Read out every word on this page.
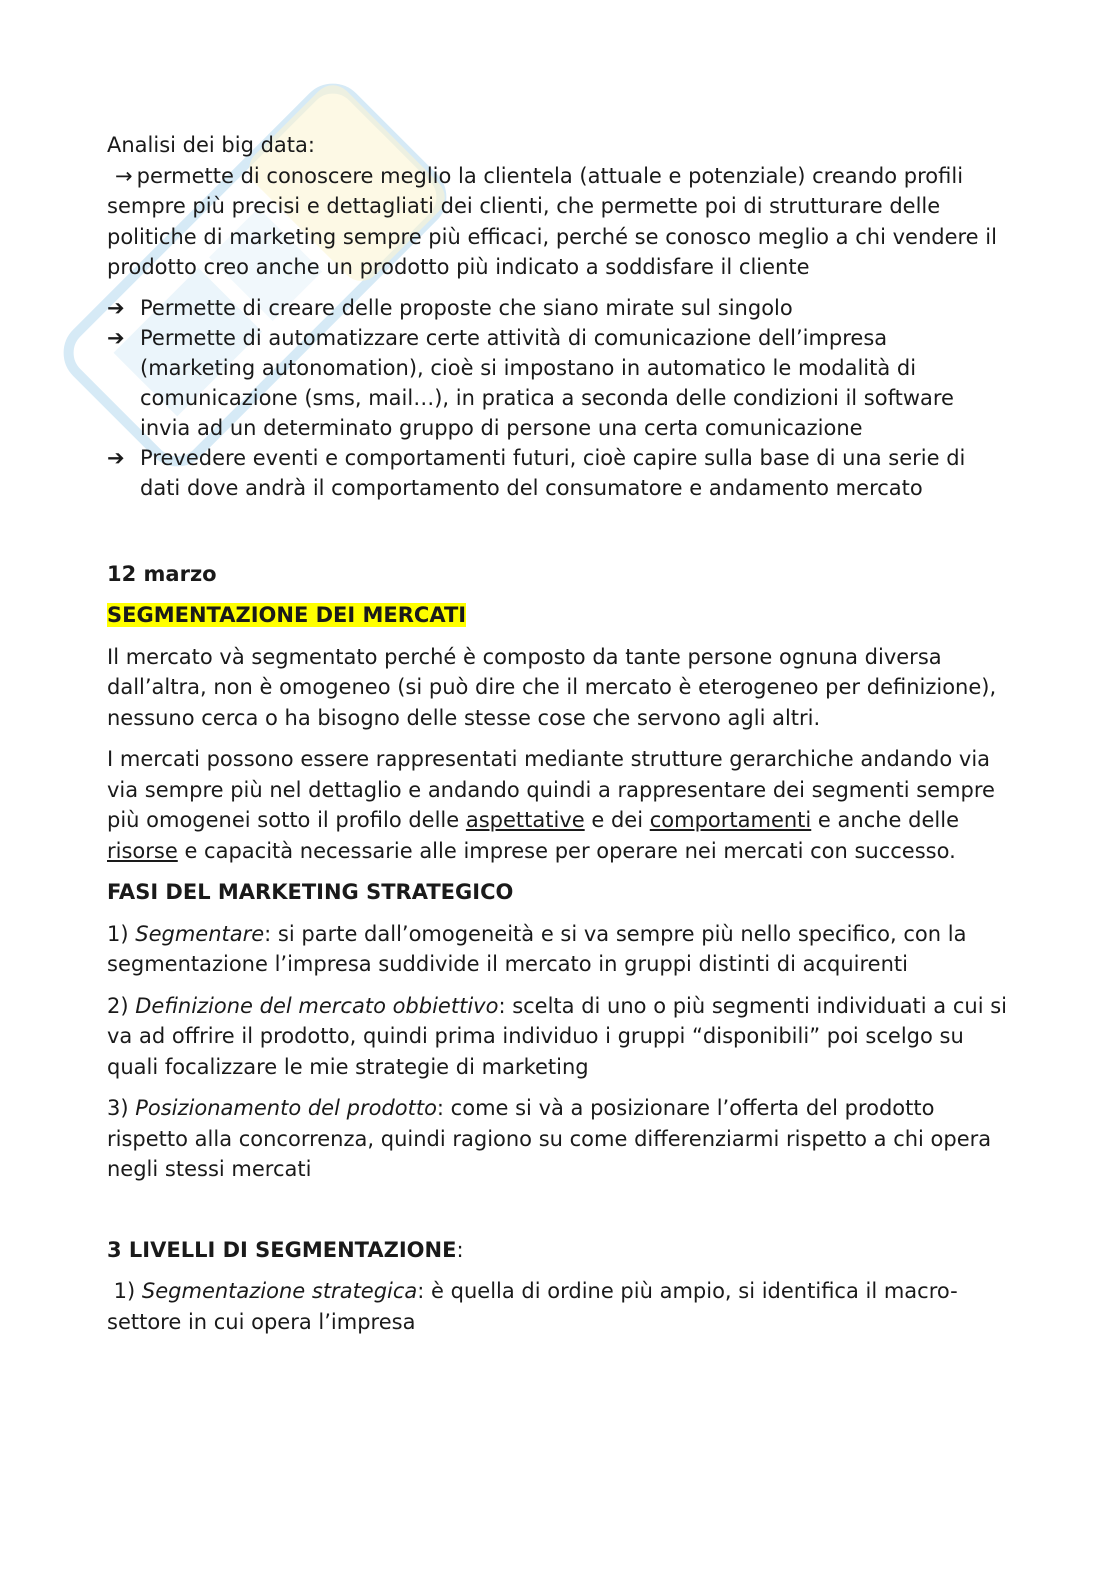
Analisi dei big data:

→ permette di conoscere meglio la clientela (attuale e potenziale) creando profili sempre più precisi e dettagliati dei clienti, che permette poi di strutturare delle politiche di marketing sempre più efficaci, perché se conosco meglio a chi vendere il prodotto creo anche un prodotto più indicato a soddisfare il cliente

➔ Permette di creare delle proposte che siano mirate sul singolo
➔ Permette di automatizzare certe attività di comunicazione dell’impresa (marketing autonomation), cioè si impostano in automatico le modalità di comunicazione (sms, mail…), in pratica a seconda delle condizioni il software invia ad un determinato gruppo di persone una certa comunicazione
➔ Prevedere eventi e comportamenti futuri, cioè capire sulla base di una serie di dati dove andrà il comportamento del consumatore e andamento mercato

12 marzo

SEGMENTAZIONE DEI MERCATI

Il mercato và segmentato perché è composto da tante persone ognuna diversa dall’altra, non è omogeneo (si può dire che il mercato è eterogeneo per definizione), nessuno cerca o ha bisogno delle stesse cose che servono agli altri.

I mercati possono essere rappresentati mediante strutture gerarchiche andando via via sempre più nel dettaglio e andando quindi a rappresentare dei segmenti sempre più omogenei sotto il profilo delle aspettative e dei comportamenti e anche delle risorse e capacità necessarie alle imprese per operare nei mercati con successo.

FASI DEL MARKETING STRATEGICO

1) Segmentare: si parte dall’omogeneità e si va sempre più nello specifico, con la segmentazione l’impresa suddivide il mercato in gruppi distinti di acquirenti

2) Definizione del mercato obbiettivo: scelta di uno o più segmenti individuati a cui si va ad offrire il prodotto, quindi prima individuo i gruppi “disponibili” poi scelgo su quali focalizzare le mie strategie di marketing

3) Posizionamento del prodotto: come si và a posizionare l’offerta del prodotto rispetto alla concorrenza, quindi ragiono su come differenziarmi rispetto a chi opera negli stessi mercati

3 LIVELLI DI SEGMENTAZIONE:

1) Segmentazione strategica: è quella di ordine più ampio, si identifica il macro-settore in cui opera l’impresa
